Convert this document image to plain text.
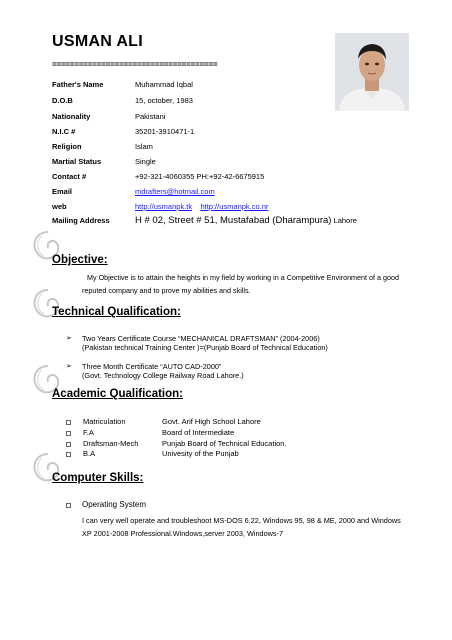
USMAN ALI
=====================================
Father's Name	Muhammad Iqbal
D.O.B	15, october, 1983
Nationality	Pakistani
N.I.C #	35201-3910471-1
Religion	Islam
Martial Status	Single
Contact #	+92-321-4060355 PH:+92-42-6675915
Email	mdrafters@hotmail.com
web	http://usmanpk.tk http://usmanpk.co.nr
Mailing Address	H # 02, Street # 51, Mustafabad (Dharampura) Lahore
Objective:
My Objective is to attain the heights in my field by working in a Competitive Environment of a good reputed company and to prove my abilities and skills.
Technical Qualification:
➢ Two Years Certificate Course “MECHANICAL DRAFTSMAN” (2004-2006)
(Pakistan technical Training Center )=(Punjab Board of Technical Education)
➢ Three Month Certificate “AUTO CAD-2000”
(Govt. Technology College Railway Road Lahore.)
Academic Qualification:
Matriculation	Govt. Arif High School Lahore
F.A	Board of Intermediate
Draftsman-Mech	Punjab Board of Technical Education.
B.A	Univesity of the Punjab
Computer Skills:
Operating System
I can very well operate and troubleshoot MS-DOS 6.22, Windows 95, 98 & ME, 2000 and Windows XP 2001-2008 Professional.Windows,server 2003, Windows-7
